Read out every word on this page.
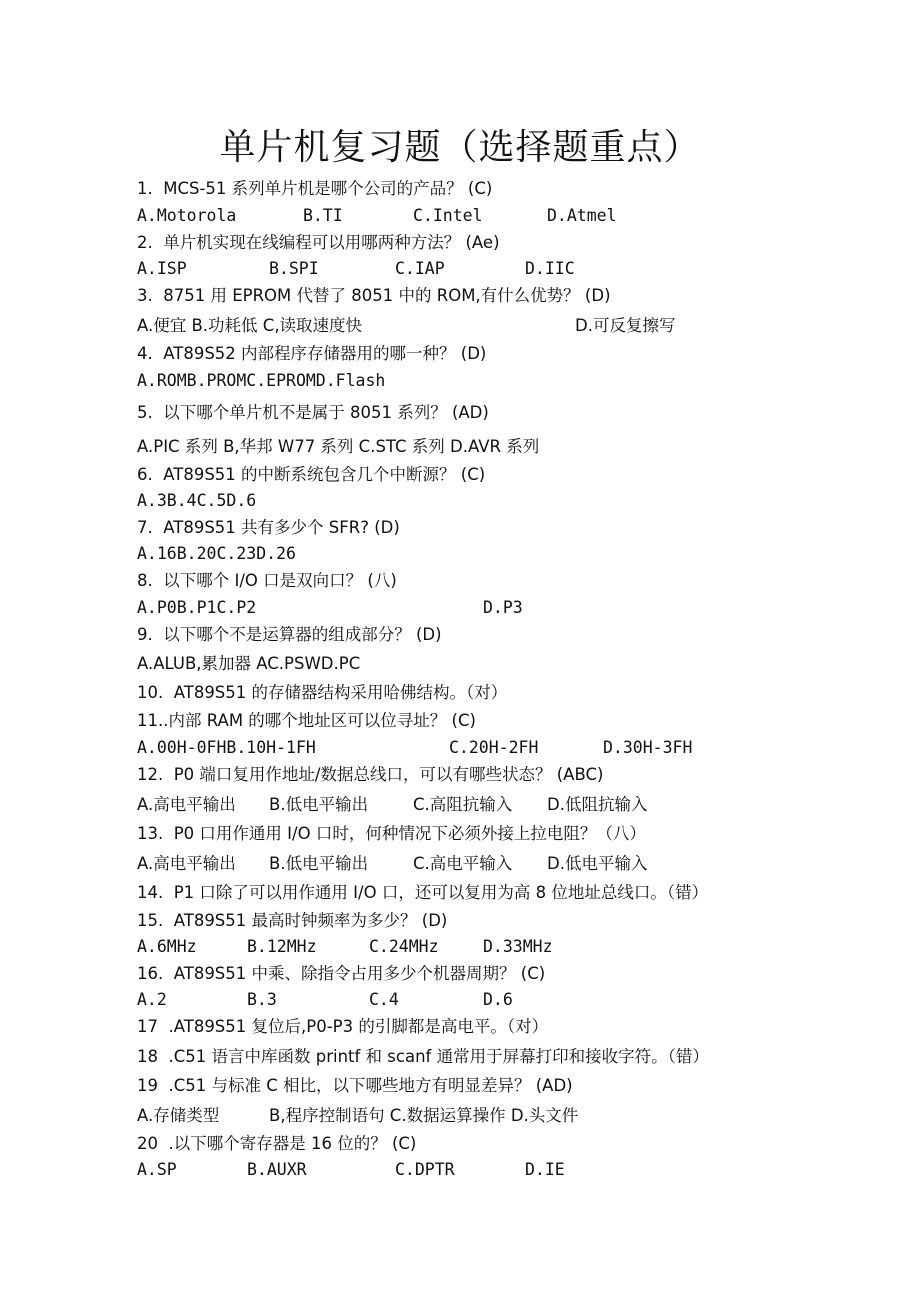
单片机复习题（选择题重点）
1.  MCS-51 系列单片机是哪个公司的产品？ (C)

A.Motorola

	B.TI

	C.Intel

	D.Atmel

2.  单片机实现在线编程可以用哪两种方法？ (Ae)

A.ISP

	B.SPI

	C.IAP

	D.IIC

3.  8751 用 EPROM 代替了 8051 中的 ROM,有什么优势？ (D)

A.便宜 B.功耗低 C,读取速度快

	D.可反复擦写

4.  AT89S52 内部程序存储器用的哪一种？ (D)
A.ROMB.PROMC.EPROMD.Flash
5.  以下哪个单片机不是属于 8051 系列？ (AD)
A.PIC 系列 B,华邦 W77 系列 C.STC 系列 D.AVR 系列
6.  AT89S51 的中断系统包含几个中断源？ (C)
A.3B.4C.5D.6
7.  AT89S51 共有多少个 SFR? (D)
A.16B.20C.23D.26
8.  以下哪个 I/O 口是双向口？ (八)

A.P0B.P1C.P2

	D.P3

9.  以下哪个不是运算器的组成部分？ (D)
A.ALUB,累加器 AC.PSWD.PC
10.  AT89S51 的存储器结构采用哈佛结构。（对）
11..内部 RAM 的哪个地址区可以位寻址？ (C)

A.00H-0FHB.10H-1FH

	C.20H-2FH

	D.30H-3FH

12.  P0 端口复用作地址/数据总线口，可以有哪些状态？ (ABC)

A.高电平输出

B.低电平输出

	C.高阻抗输入

D.低阻抗输入

13.  P0 口用作通用 I/O 口时，何种情况下必须外接上拉电阻？（八）

A.高电平输出

B.低电平输出

	C.高电平输入

D.低电平输入

14.  P1 口除了可以用作通用 I/O 口，还可以复用为高 8 位地址总线口。（错）
15.  AT89S51 最高时钟频率为多少？ (D)

A.6MHz

	B.12MHz

	C.24MHz

	D.33MHz

16.  AT89S51 中乘、除指令占用多少个机器周期？ (C)

A.2

	B.3

	C.4

	D.6

17  .AT89S51 复位后,P0-P3 的引脚都是高电平。（对）
18  .C51 语言中库函数 printf 和 scanf 通常用于屏幕打印和接收字符。（错）
19  .C51 与标准 C 相比，以下哪些地方有明显差异？ (AD)

A.存储类型

	B,程序控制语句 C.数据运算操作 D.头文件

20  .以下哪个寄存器是 16 位的？ (C)

A.SP

	B.AUXR

	C.DPTR

	D.IE
